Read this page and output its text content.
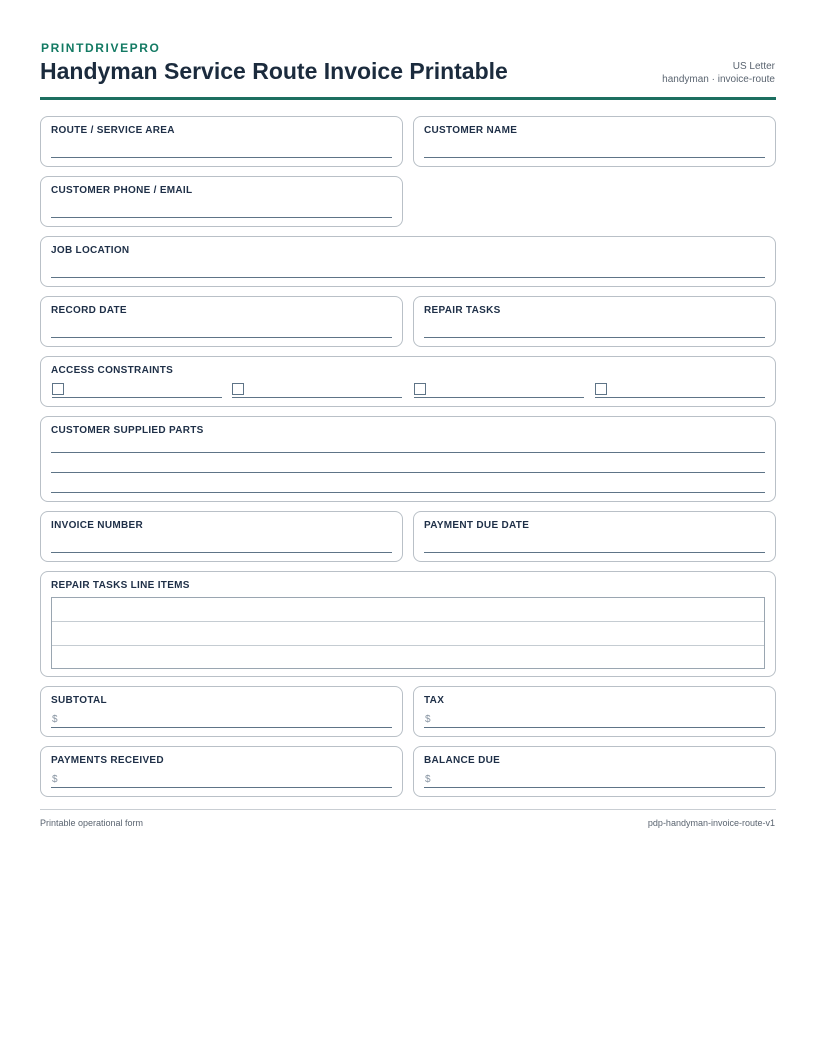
PRINTDRIVEPRO
Handyman Service Route Invoice Printable	US Letter
handyman · invoice-route
ROUTE / SERVICE AREA	CUSTOMER NAME
CUSTOMER PHONE / EMAIL
JOB LOCATION
RECORD DATE	REPAIR TASKS
ACCESS CONSTRAINTS
CUSTOMER SUPPLIED PARTS
INVOICE NUMBER	PAYMENT DUE DATE
REPAIR TASKS LINE ITEMS
SUBTOTAL
$
TAX
$
PAYMENTS RECEIVED
$
BALANCE DUE
$
Printable operational form	pdp-handyman-invoice-route-v1
